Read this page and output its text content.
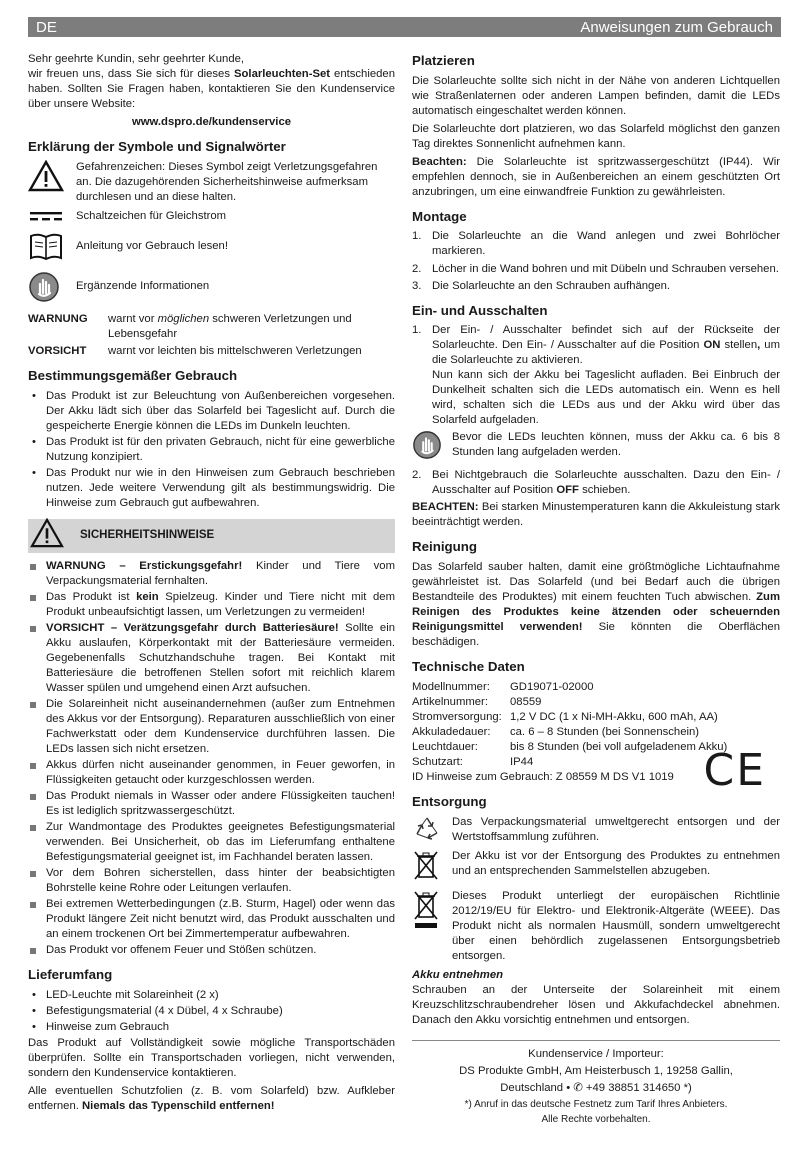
DE	Anweisungen zum Gebrauch

Sehr geehrte Kundin, sehr geehrter Kunde,

wir freuen uns, dass Sie sich für dieses Solarleuchten-Set entschieden haben. Sollten Sie Fragen haben, kontaktieren Sie den Kundenservice über unsere Website:

www.dspro.de/kundenservice

Erklärung der Symbole und Signalwörter
Gefahrenzeichen: Dieses Symbol zeigt Verletzungsgefahren an. Die dazugehörenden Sicherheitshinweise aufmerksam durchlesen und an diese halten.
Schaltzeichen für Gleichstrom
Anleitung vor Gebrauch lesen!
Ergänzende Informationen
WARNUNG	warnt vor möglichen schweren Verletzungen und Lebensgefahr
VORSICHT	warnt vor leichten bis mittelschweren Verletzungen
Bestimmungsgemäßer Gebrauch
• Das Produkt ist zur Beleuchtung von Außenbereichen vorgesehen. Der Akku lädt sich über das Solarfeld bei Tageslicht auf. Durch die gespeicherte Energie können die LEDs im Dunkeln leuchten.
• Das Produkt ist für den privaten Gebrauch, nicht für eine gewerbliche Nutzung konzipiert.
• Das Produkt nur wie in den Hinweisen zum Gebrauch beschrieben nutzen. Jede weitere Verwendung gilt als bestimmungswidrig. Die Hinweise zum Gebrauch gut aufbewahren.
SICHERHEITSHINWEISE
WARNUNG – Erstickungsgefahr! Kinder und Tiere vom Verpackungsmaterial fernhalten.
Das Produkt ist kein Spielzeug. Kinder und Tiere nicht mit dem Produkt unbeaufsichtigt lassen, um Verletzungen zu vermeiden!
VORSICHT – Verätzungsgefahr durch Batteriesäure! Sollte ein Akku auslaufen, Körperkontakt mit der Batteriesäure vermeiden. Gegebenenfalls Schutzhandschuhe tragen. Bei Kontakt mit Batteriesäure die betroffenen Stellen sofort mit reichlich klarem Wasser spülen und umgehend einen Arzt aufsuchen.
Die Solareinheit nicht auseinandernehmen (außer zum Entnehmen des Akkus vor der Entsorgung). Reparaturen ausschließlich von einer Fachwerkstatt oder dem Kundenservice durchführen lassen. Die LEDs lassen sich nicht ersetzen.
Akkus dürfen nicht auseinander genommen, in Feuer geworfen, in Flüssigkeiten getaucht oder kurzgeschlossen werden.
Das Produkt niemals in Wasser oder andere Flüssigkeiten tauchen! Es ist lediglich spritzwassergeschützt.
Zur Wandmontage des Produktes geeignetes Befestigungsmaterial verwenden. Bei Unsicherheit, ob das im Lieferumfang enthaltene Befestigungsmaterial geeignet ist, im Fachhandel beraten lassen.
Vor dem Bohren sicherstellen, dass hinter der beabsichtigten Bohrstelle keine Rohre oder Leitungen verlaufen.
Bei extremen Wetterbedingungen (z.B. Sturm, Hagel) oder wenn das Produkt längere Zeit nicht benutzt wird, das Produkt ausschalten und an einem trockenen Ort bei Zimmertemperatur aufbewahren.
Das Produkt vor offenem Feuer und Stößen schützen.
Lieferumfang
• LED-Leuchte mit Solareinheit (2 x)
• Befestigungsmaterial (4 x Dübel, 4 x Schraube)
• Hinweise zum Gebrauch

Das Produkt auf Vollständigkeit sowie mögliche Transportschäden überprüfen. Sollte ein Transportschaden vorliegen, nicht verwenden, sondern den Kundenservice kontaktieren.

Alle eventuellen Schutzfolien (z. B. vom Solarfeld) bzw. Aufkleber entfernen. Niemals das Typenschild entfernen!

Platzieren

Die Solarleuchte sollte sich nicht in der Nähe von anderen Lichtquellen wie Straßenlaternen oder anderen Lampen befinden, damit die LEDs automatisch eingeschaltet werden können.

Die Solarleuchte dort platzieren, wo das Solarfeld möglichst den ganzen Tag direktes Sonnenlicht aufnehmen kann.

Beachten: Die Solarleuchte ist spritzwassergeschützt (IP44). Wir empfehlen dennoch, sie in Außenbereichen an einem geschützten Ort anzubringen, um eine einwandfreie Funktion zu gewährleisten.

Montage
1. Die Solarleuchte an die Wand anlegen und zwei Bohrlöcher markieren.
2. Löcher in die Wand bohren und mit Dübeln und Schrauben versehen.
3. Die Solarleuchte an den Schrauben aufhängen.
Ein- und Ausschalten
1. Der Ein- / Ausschalter befindet sich auf der Rückseite der Solarleuchte. Den Ein- / Ausschalter auf die Position ON stellen, um die Solarleuchte zu aktivieren.
Nun kann sich der Akku bei Tageslicht aufladen. Bei Einbruch der Dunkelheit schalten sich die LEDs automatisch ein. Wenn es hell wird, schalten sich die LEDs aus und der Akku wird über das Solarfeld aufgeladen.
Bevor die LEDs leuchten können, muss der Akku ca. 6 bis 8 Stunden lang aufgeladen werden.
2. Bei Nichtgebrauch die Solarleuchte ausschalten. Dazu den Ein- / Ausschalter auf Position OFF schieben.

BEACHTEN: Bei starken Minustemperaturen kann die Akkuleistung stark beeinträchtigt werden.

Reinigung

Das Solarfeld sauber halten, damit eine größtmögliche Lichtaufnahme gewährleistet ist. Das Solarfeld (und bei Bedarf auch die übrigen Bestandteile des Produktes) mit einem feuchten Tuch abwischen. Zum Reinigen des Produktes keine ätzenden oder scheuernden Reinigungsmittel verwenden! Sie könnten die Oberflächen beschädigen.

Technische Daten
Modellnummer:	GD19071-02000
Artikelnummer:	08559
Stromversorgung: 1,2 V DC (1 x Ni-MH-Akku, 600 mAh, AA)
Akkuladedauer:	ca. 6 – 8 Stunden (bei Sonnenschein)
Leuchtdauer:	bis 8 Stunden (bei voll aufgeladenem Akku)
Schutzart:	IP44
ID Hinweise zum Gebrauch: Z 08559 M DS V1 1019 CE
Entsorgung
Das Verpackungsmaterial umweltgerecht entsorgen und der Wertstoffsammlung zuführen.
Der Akku ist vor der Entsorgung des Produktes zu entnehmen und an entsprechenden Sammelstellen abzugeben.
Dieses Produkt unterliegt der europäischen Richtlinie 2012/19/EU für Elektro- und Elektronik-Altgeräte (WEEE). Das Produkt nicht als normalen Hausmüll, sondern umweltgerecht über einen behördlich zugelassenen Entsorgungsbetrieb entsorgen.
Akku entnehmen

Schrauben an der Unterseite der Solareinheit mit einem Kreuzschlitzschraubendreher lösen und Akkufachdeckel abnehmen. Danach den Akku vorsichtig entnehmen und entsorgen.

Kundenservice / Importeur:
DS Produkte GmbH, Am Heisterbusch 1, 19258 Gallin,
Deutschland • ✆ +49 38851 314650 *)
*) Anruf in das deutsche Festnetz zum Tarif Ihres Anbieters.
Alle Rechte vorbehalten.
